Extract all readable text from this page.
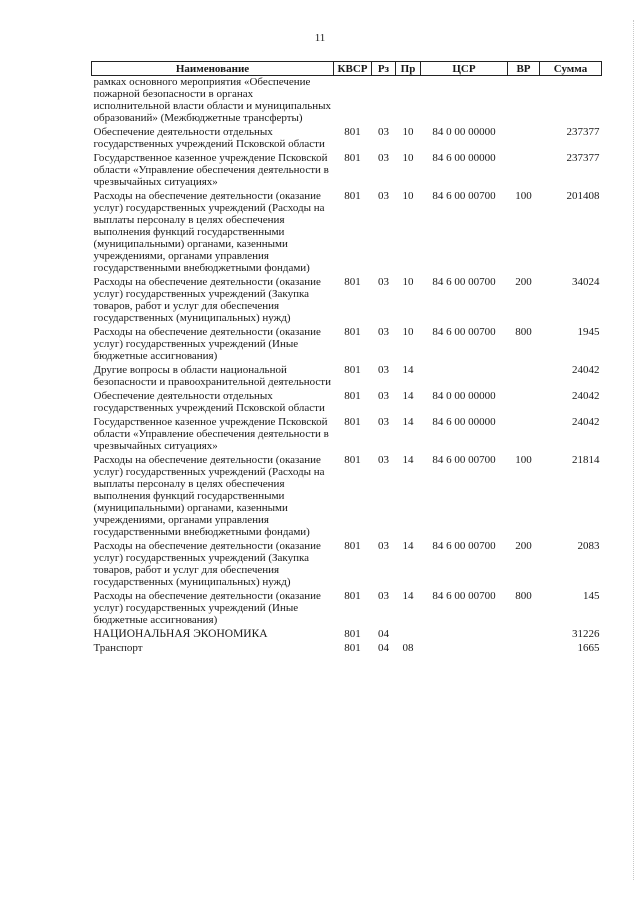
11
Наименование	КВСР	Рз	Пр	ЦСР	ВР	Сумма
рамках основного мероприятия «Обеспечение пожарной безопасности в органах исполнительной власти области и муниципальных образований» (Межбюджетные трансферты)						
Обеспечение деятельности отдельных государственных учреждений Псковской области	801	03	10	84 0 00 00000		237377
Государственное казенное учреждение Псковской области «Управление обеспечения деятельности в чрезвычайных ситуациях»	801	03	10	84 6 00 00000		237377
Расходы на обеспечение деятельности (оказание услуг) государственных учреждений (Расходы на выплаты персоналу в целях обеспечения выполнения функций государственными (муниципальными) органами, казенными учреждениями, органами управления государственными внебюджетными фондами)	801	03	10	84 6 00 00700	100	201408
Расходы на обеспечение деятельности (оказание услуг) государственных учреждений (Закупка товаров, работ и услуг для обеспечения государственных (муниципальных) нужд)	801	03	10	84 6 00 00700	200	34024
Расходы на обеспечение деятельности (оказание услуг) государственных учреждений (Иные бюджетные ассигнования)	801	03	10	84 6 00 00700	800	1945
Другие вопросы в области национальной безопасности и правоохранительной деятельности	801	03	14			24042
Обеспечение деятельности отдельных государственных учреждений Псковской области	801	03	14	84 0 00 00000		24042
Государственное казенное учреждение Псковской области «Управление обеспечения деятельности в чрезвычайных ситуациях»	801	03	14	84 6 00 00000		24042
Расходы на обеспечение деятельности (оказание услуг) государственных учреждений (Расходы на выплаты персоналу в целях обеспечения выполнения функций государственными (муниципальными) органами, казенными учреждениями, органами управления государственными внебюджетными фондами)	801	03	14	84 6 00 00700	100	21814
Расходы на обеспечение деятельности (оказание услуг) государственных учреждений (Закупка товаров, работ и услуг для обеспечения государственных (муниципальных) нужд)	801	03	14	84 6 00 00700	200	2083
Расходы на обеспечение деятельности (оказание услуг) государственных учреждений (Иные бюджетные ассигнования)	801	03	14	84 6 00 00700	800	145
НАЦИОНАЛЬНАЯ ЭКОНОМИКА	801	04				31226
Транспорт	801	04	08			1665
